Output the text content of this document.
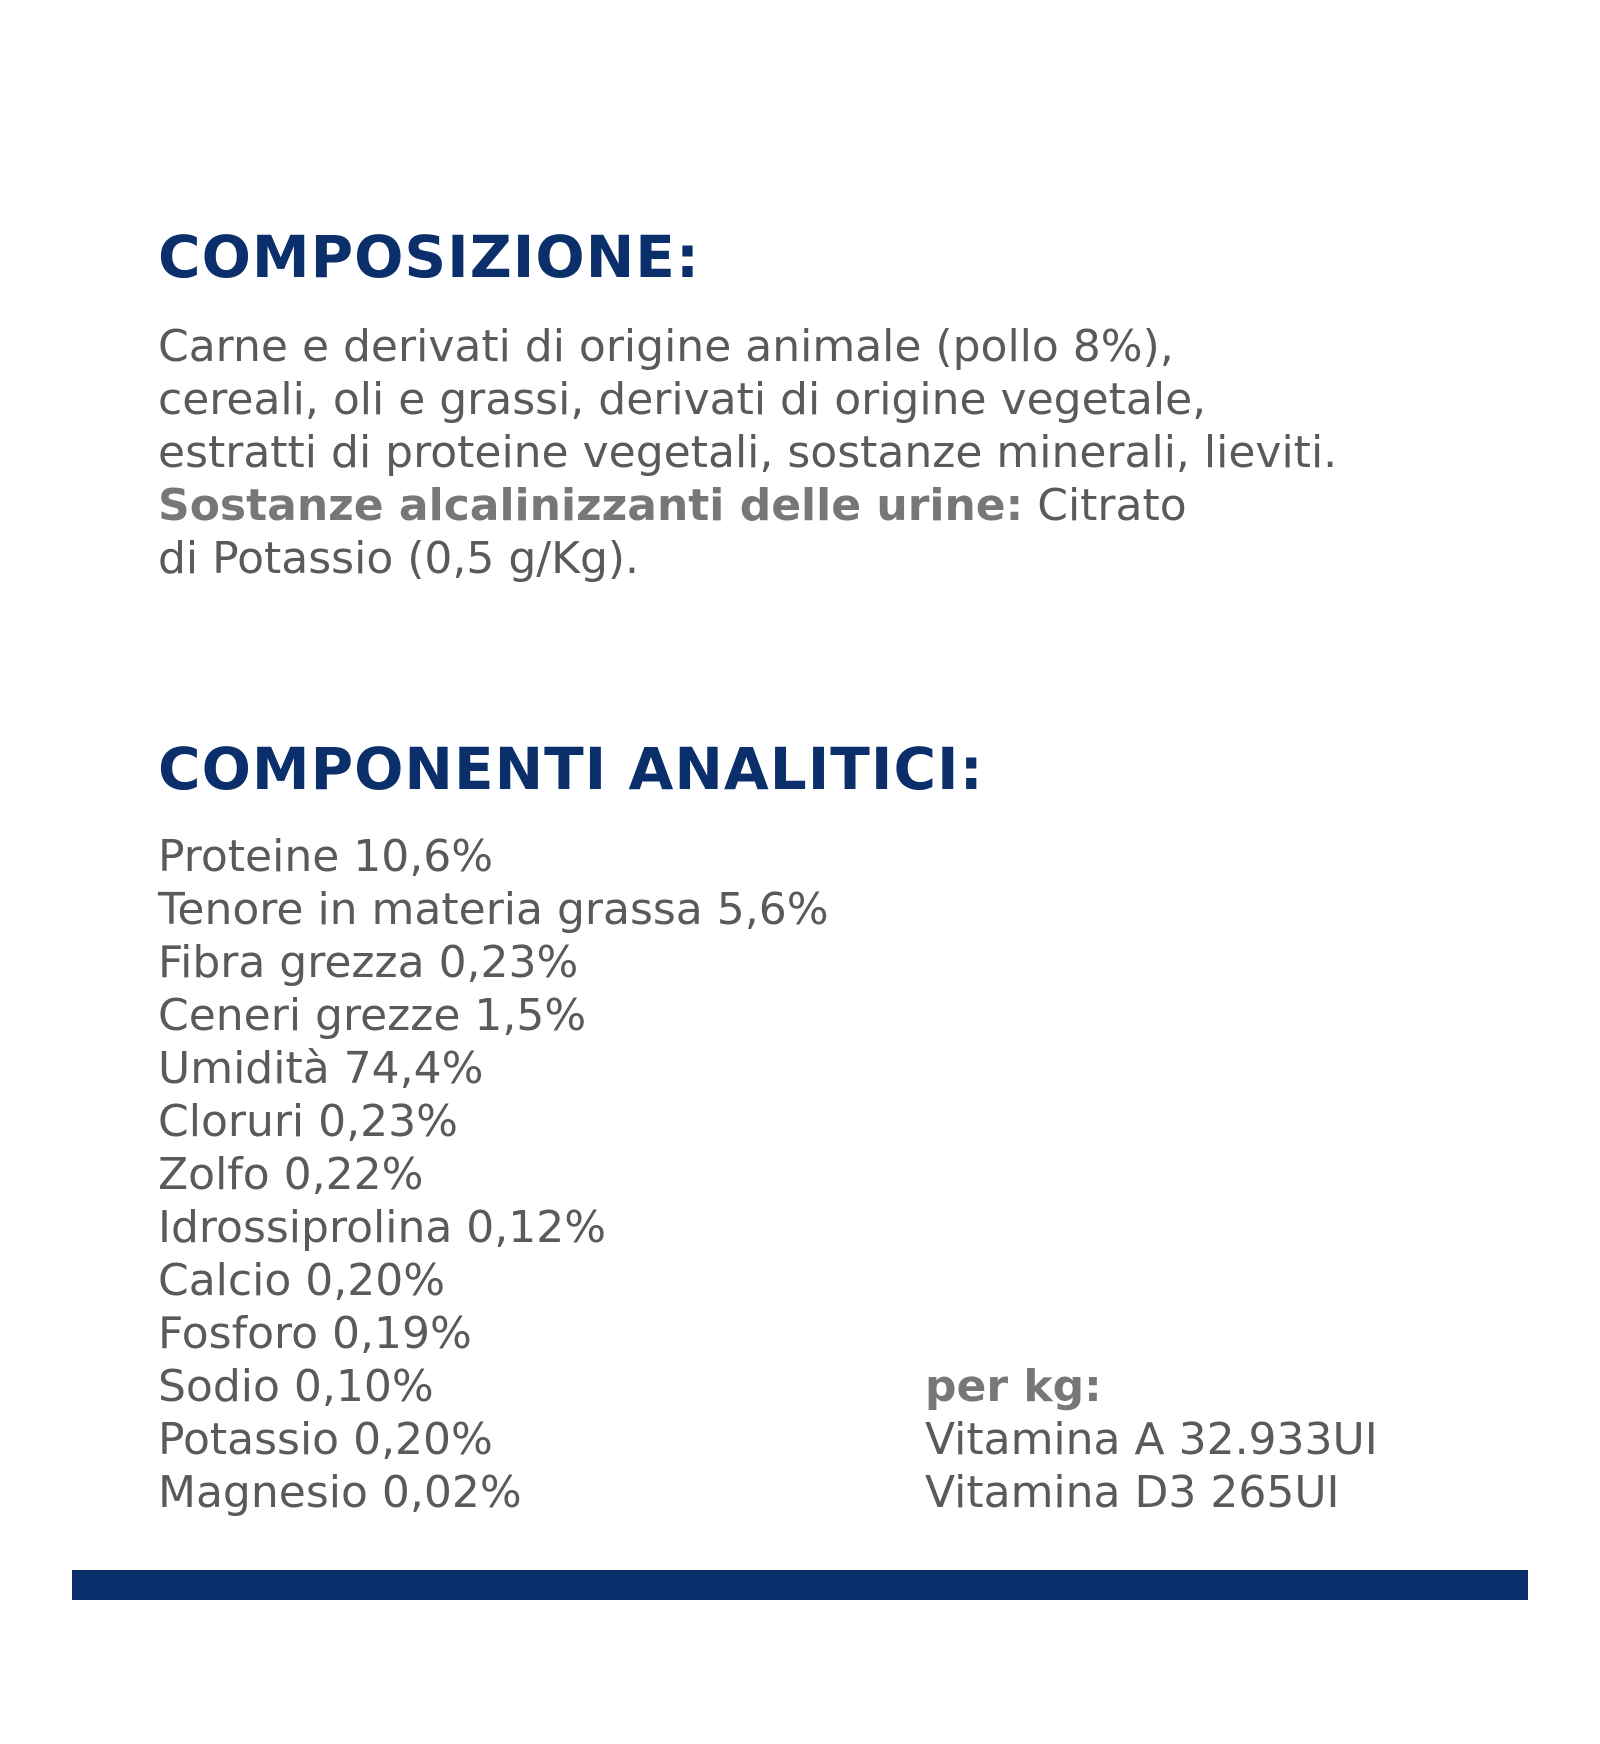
COMPOSIZIONE:

Carne e derivati di origine animale (pollo 8%),
cereali, oli e grassi, derivati di origine vegetale,
estratti di proteine vegetali, sostanze minerali, lieviti.
Sostanze alcalinizzanti delle urine: Citrato
di Potassio (0,5 g/Kg).

COMPONENTI ANALITICI:
Proteine 10,6%
Tenore in materia grassa 5,6%
Fibra grezza 0,23%
Ceneri grezze 1,5%
Umidità 74,4%
Cloruri 0,23%
Zolfo 0,22%
Idrossiprolina 0,12%
Calcio 0,20%
Fosforo 0,19%
Sodio 0,10%
Potassio 0,20%
Magnesio 0,02%
per kg:
Vitamina A 32.933UI
Vitamina D3 265UI
